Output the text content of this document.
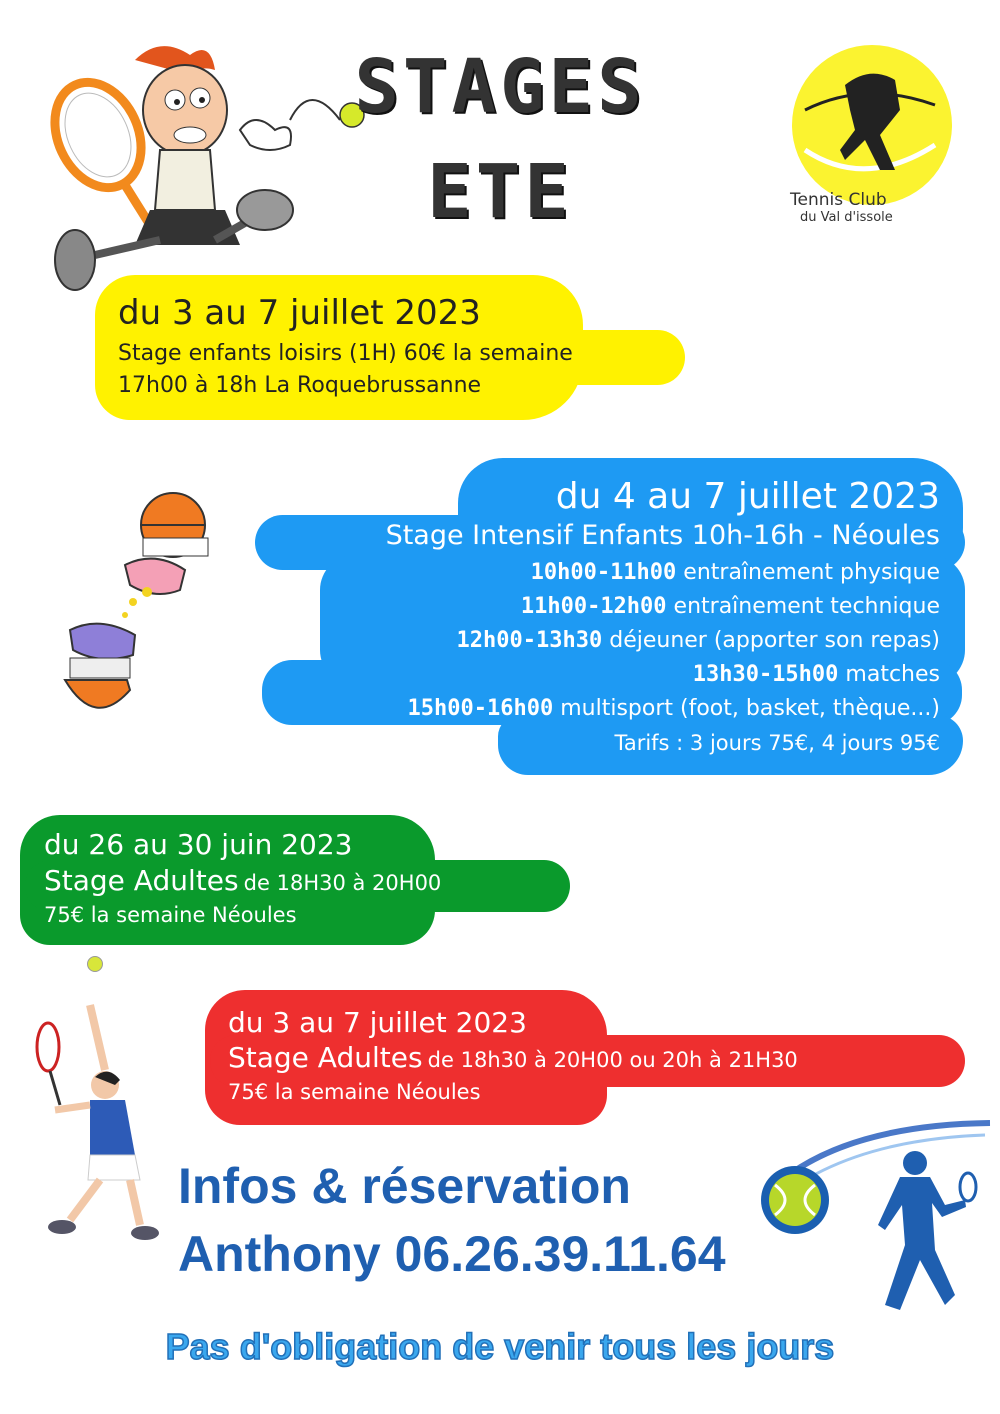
STAGES
ETE	Tennis Club
du Val d'issole
du 3 au 7 juillet 2023
Stage enfants loisirs (1H) 60€ la semaine
17h00 à 18h La Roquebrussanne
du 4 au 7 juillet 2023
Stage Intensif Enfants 10h-16h - Néoules
10h00-11h00 entraînement physique
11h00-12h00 entraînement technique
12h00-13h30 déjeuner (apporter son repas)
13h30-15h00 matches
15h00-16h00 multisport (foot, basket, thèque...)
Tarifs : 3 jours 75€, 4 jours 95€
du 26 au 30 juin 2023
Stage Adultes de 18H30 à 20H00
75€ la semaine Néoules
du 3 au 7 juillet 2023
Stage Adultes de 18h30 à 20H00 ou 20h à 21H30
75€ la semaine Néoules
Infos & réservation
Anthony 06.26.39.11.64
Pas d'obligation de venir tous les jours
